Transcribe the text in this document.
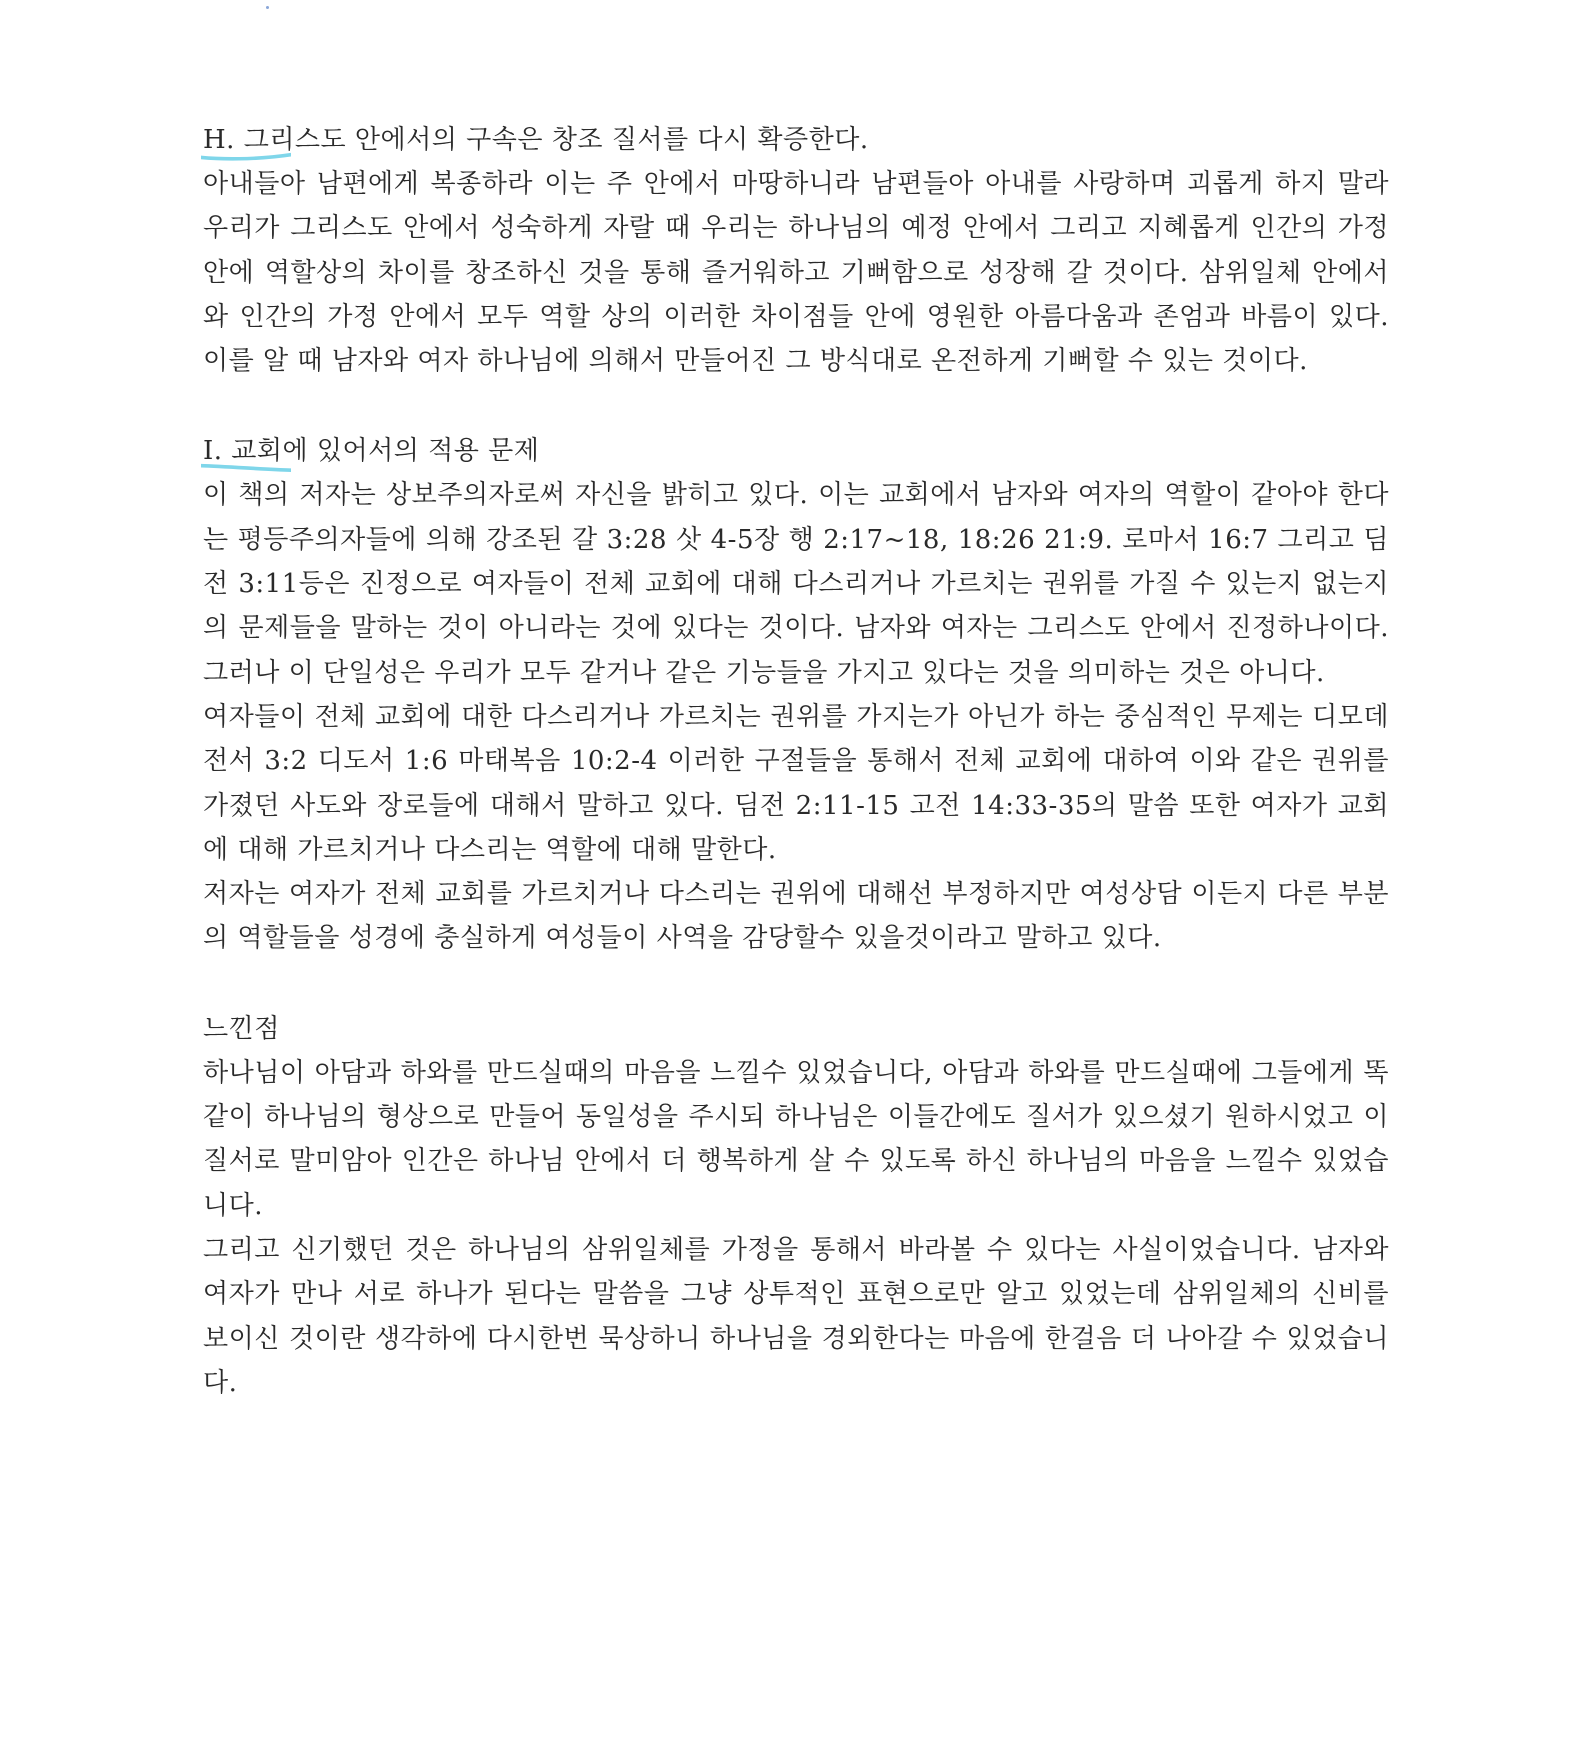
H. 그리스도 안에서의 구속은 창조 질서를 다시 확증한다.

아내들아 남편에게 복종하라 이는 주 안에서 마땅하니라 남편들아 아내를 사랑하며 괴롭게 하지 말라 우리가 그리스도 안에서 성숙하게 자랄 때 우리는 하나님의 예정 안에서 그리고 지혜롭게 인간의 가정 안에 역할상의 차이를 창조하신 것을 통해 즐거워하고 기뻐함으로 성장해 갈 것이다. 삼위일체 안에서와 인간의 가정 안에서 모두 역할 상의 이러한 차이점들 안에 영원한 아름다움과 존엄과 바름이 있다. 이를 알 때 남자와 여자 하나님에 의해서 만들어진 그 방식대로 온전하게 기뻐할 수 있는 것이다.

I. 교회에 있어서의 적용 문제

이 책의 저자는 상보주의자로써 자신을 밝히고 있다. 이는 교회에서 남자와 여자의 역할이 같아야 한다는 평등주의자들에 의해 강조된 갈 3:28 삿 4-5장 행 2:17~18, 18:26 21:9. 로마서 16:7 그리고 딤전 3:11등은 진정으로 여자들이 전체 교회에 대해 다스리거나 가르치는 권위를 가질 수 있는지 없는지의 문제들을 말하는 것이 아니라는 것에 있다는 것이다. 남자와 여자는 그리스도 안에서 진정하나이다. 그러나 이 단일성은 우리가 모두 같거나 같은 기능들을 가지고 있다는 것을 의미하는 것은 아니다.

여자들이 전체 교회에 대한 다스리거나 가르치는 권위를 가지는가 아닌가 하는 중심적인 무제는 디모데전서 3:2 디도서 1:6 마태복음 10:2-4 이러한 구절들을 통해서 전체 교회에 대하여 이와 같은 권위를 가졌던 사도와 장로들에 대해서 말하고 있다. 딤전 2:11-15 고전 14:33-35의 말씀 또한 여자가 교회에 대해 가르치거나 다스리는 역할에 대해 말한다.

저자는 여자가 전체 교회를 가르치거나 다스리는 권위에 대해선 부정하지만 여성상담 이든지 다른 부분의 역할들을 성경에 충실하게 여성들이 사역을 감당할수 있을것이라고 말하고 있다.

느낀점

하나님이 아담과 하와를 만드실때의 마음을 느낄수 있었습니다, 아담과 하와를 만드실때에 그들에게 똑같이 하나님의 형상으로 만들어 동일성을 주시되 하나님은 이들간에도 질서가 있으셨기 원하시었고 이 질서로 말미암아 인간은 하나님 안에서 더 행복하게 살 수 있도록 하신 하나님의 마음을 느낄수 있었습니다.

그리고 신기했던 것은 하나님의 삼위일체를 가정을 통해서 바라볼 수 있다는 사실이었습니다. 남자와 여자가 만나 서로 하나가 된다는 말씀을 그냥 상투적인 표현으로만 알고 있었는데 삼위일체의 신비를 보이신 것이란 생각하에 다시한번 묵상하니 하나님을 경외한다는 마음에 한걸음 더 나아갈 수 있었습니다.
